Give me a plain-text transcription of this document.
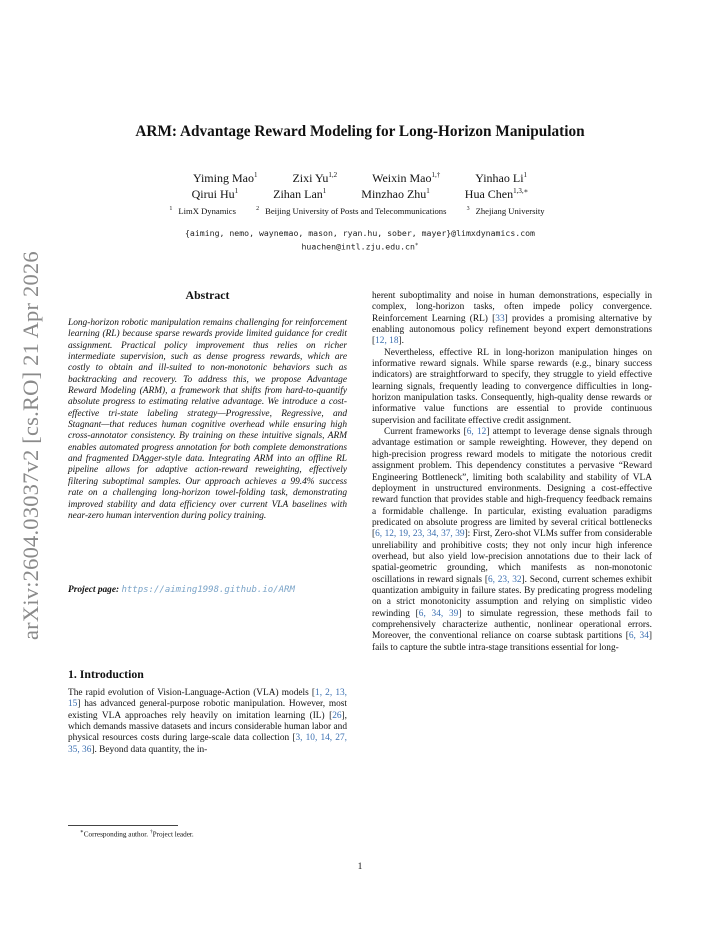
arXiv:2604.03037v2 [cs.RO] 21 Apr 2026
ARM: Advantage Reward Modeling for Long-Horizon Manipulation
Yiming Mao$^1$	Zixi Yu$^{1,2}$	Weixin Mao$^{1,\dagger}$	Yinhao Li$^1$
Qirui Hu$^1$	Zihan Lan$^1$	Minzhao Zhu$^1$	Hua Chen$^{1,3,∗}$
$^1$ LimX Dynamics	$^2$ Beijing University of Posts and Telecommunications	$^3$ Zhejiang University
{aiming, nemo, waynemao, mason, ryan.hu, sober, mayer}@limxdynamics.com
huachen@intl.zju.edu.cn∗
Abstract
Long-horizon robotic manipulation remains challenging for reinforcement learning (RL) because sparse rewards provide limited guidance for credit assignment. Practical policy improvement thus relies on richer intermediate supervision, such as dense progress rewards, which are costly to obtain and ill-suited to non-monotonic behaviors such as backtracking and recovery. To address this, we propose Advantage Reward Modeling (ARM), a framework that shifts from hard-to-quantify absolute progress to estimating relative advantage. We introduce a cost-effective tri-state labeling strategy—Progressive, Regressive, and Stagnant—that reduces human cognitive overhead while ensuring high cross-annotator consistency. By training on these intuitive signals, ARM enables automated progress annotation for both complete demonstrations and fragmented DAgger-style data. Integrating ARM into an offline RL pipeline allows for adaptive action-reward reweighting, effectively filtering suboptimal samples. Our approach achieves a 99.4% success rate on a challenging long-horizon towel-folding task, demonstrating improved stability and data efficiency over current VLA baselines with near-zero human intervention during policy training.
Project page: https://aiming1998.github.io/ARM
1. Introduction
The rapid evolution of Vision-Language-Action (VLA) models [1, 2, 13, 15] has advanced general-purpose robotic manipulation. However, most existing VLA approaches rely heavily on imitation learning (IL) [26], which demands massive datasets and incurs considerable human labor and physical resources costs during large-scale data collection [3, 10, 14, 27, 35, 36]. Beyond data quantity, the in-
∗Corresponding author. †Project leader.

herent suboptimality and noise in human demonstrations, especially in complex, long-horizon tasks, often impede policy convergence. Reinforcement Learning (RL) [33] provides a promising alternative by enabling autonomous policy refinement beyond expert demonstrations [12, 18].

Nevertheless, effective RL in long-horizon manipulation hinges on informative reward signals. While sparse rewards (e.g., binary success indicators) are straightforward to specify, they struggle to yield effective learning signals, frequently leading to convergence difficulties in long-horizon manipulation tasks. Consequently, high-quality dense rewards or informative value functions are essential to provide continuous supervision and facilitate effective credit assignment.

Current frameworks [6, 12] attempt to leverage dense signals through advantage estimation or sample reweighting. However, they depend on high-precision progress reward models to mitigate the notorious credit assignment problem. This dependency constitutes a pervasive “Reward Engineering Bottleneck”, limiting both scalability and stability of VLA deployment in unstructured environments. Designing a cost-effective reward function that provides stable and high-frequency feedback remains a formidable challenge. In particular, existing evaluation paradigms predicated on absolute progress are limited by several critical bottlenecks [6, 12, 19, 23, 34, 37, 39]: First, Zero-shot VLMs suffer from considerable unreliability and prohibitive costs; they not only incur high inference overhead, but also yield low-precision annotations due to their lack of spatial-geometric grounding, which manifests as non-monotonic oscillations in reward signals [6, 23, 32]. Second, current schemes exhibit quantization ambiguity in failure states. By predicating progress modeling on a strict monotonicity assumption and relying on simplistic video rewinding [6, 34, 39] to simulate regression, these methods fail to comprehensively characterize authentic, nonlinear operational errors. Moreover, the conventional reliance on coarse subtask partitions [6, 34] fails to capture the subtle intra-stage transitions essential for long-

1
